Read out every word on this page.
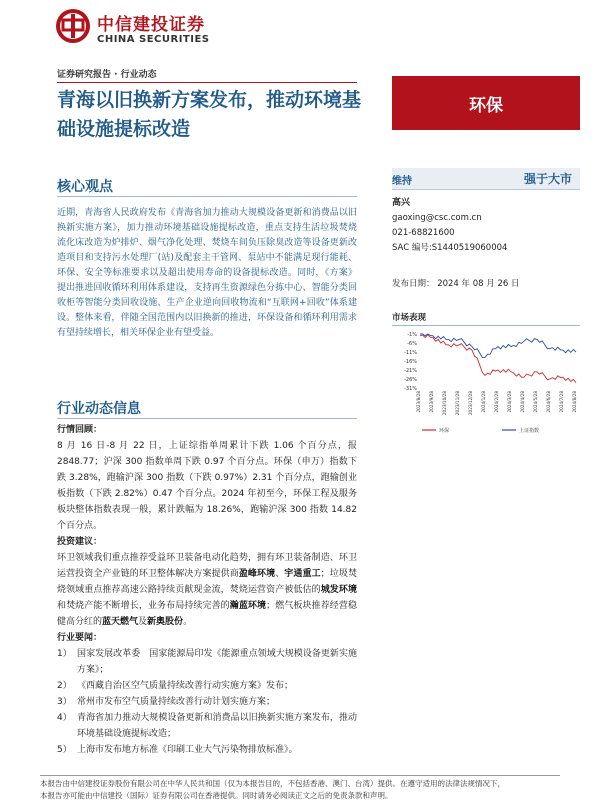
中信建投证券
CHINA SECURITIES
证券研究报告 · 行业动态
青海以旧换新方案发布，推动环境基础设施提标改造
环保
核心观点
近期，青海省人民政府发布《青海省加力推动大规模设备更新和消费品以旧换新实施方案》，加力推动环境基础设施提标改造，重点支持生活垃圾焚烧流化床改造为炉排炉、烟气净化处理、焚烧车间负压除臭改造等设备更新改造项目和支持污水处理厂(站)及配套主干管网、泵站中不能满足现行能耗、环保、安全等标准要求以及超出使用寿命的设备提标改造。同时，《方案》提出推进回收循环利用体系建设，支持再生资源绿色分拣中心、智能分类回收柜等智能分类回收设施、生产企业逆向回收物流和“互联网+回收”体系建设。整体来看，伴随全国范围内以旧换新的推进，环保设备和循环利用需求有望持续增长，相关环保企业有望受益。
行业动态信息
行情回顾：
8 月 16 日-8 月 22 日，上证综指单周累计下跌 1.06 个百分点，报 2848.77；沪深 300 指数单周下跌 0.97 个百分点。环保（申万）指数下跌 3.28%，跑输沪深 300 指数（下跌 0.97%）2.31 个百分点，跑输创业板指数（下跌 2.82%）0.47 个百分点。2024 年初至今，环保工程及服务板块整体指数表现一般，累计跌幅为 18.26%，跑输沪深 300 指数 14.82 个百分点。
投资建议：
环卫领域我们重点推荐受益环卫装备电动化趋势，拥有环卫装备制造、环卫运营投资全产业链的环卫整体解决方案提供商盈峰环境、宇通重工；垃圾焚烧领域重点推荐高速公路持续贡献现金流，焚烧运营资产被低估的城发环境和焚烧产能不断增长，业务布局持续完善的瀚蓝环境；燃气板块推荐经营稳健高分红的蓝天燃气及新奥股份。
行业要闻：
1） 国家发展改革委　国家能源局印发《能源重点领域大规模设备更新实施方案》；
2） 《西藏自治区空气质量持续改善行动实施方案》发布；
3） 常州市发布空气质量持续改善行动计划实施方案；
4） 青海省加力推动大规模设备更新和消费品以旧换新实施方案发布，推动环境基础设施提标改造；
5） 上海市发布地方标准《印刷工业大气污染物排放标准》。
维持	强于大市
高兴
gaoxing@csc.com.cn
021-68821600
SAC 编号:S1440519060004
发布日期： 2024 年 08 月 26 日
市场表现
-1%
-6%
-11%
-16%
-21%
-26%
-31%
2023/8/28 2023/9/28 2023/10/28 2023/11/28 2023/12/28 2024/1/28 2024/2/28 2024/3/28 2024/4/28 2024/5/28 2024/6/28 2024/7/28 2024/8/28
环保	上证指数
本报告由中信建投证券股份有限公司在中华人民共和国（仅为本报告目的，不包括香港、澳门、台湾）提供。在遵守适用的法律法规情况下，
本报告亦可能由中信建投（国际）证券有限公司在香港提供。同时请务必阅读正文之后的免责条款和声明。
